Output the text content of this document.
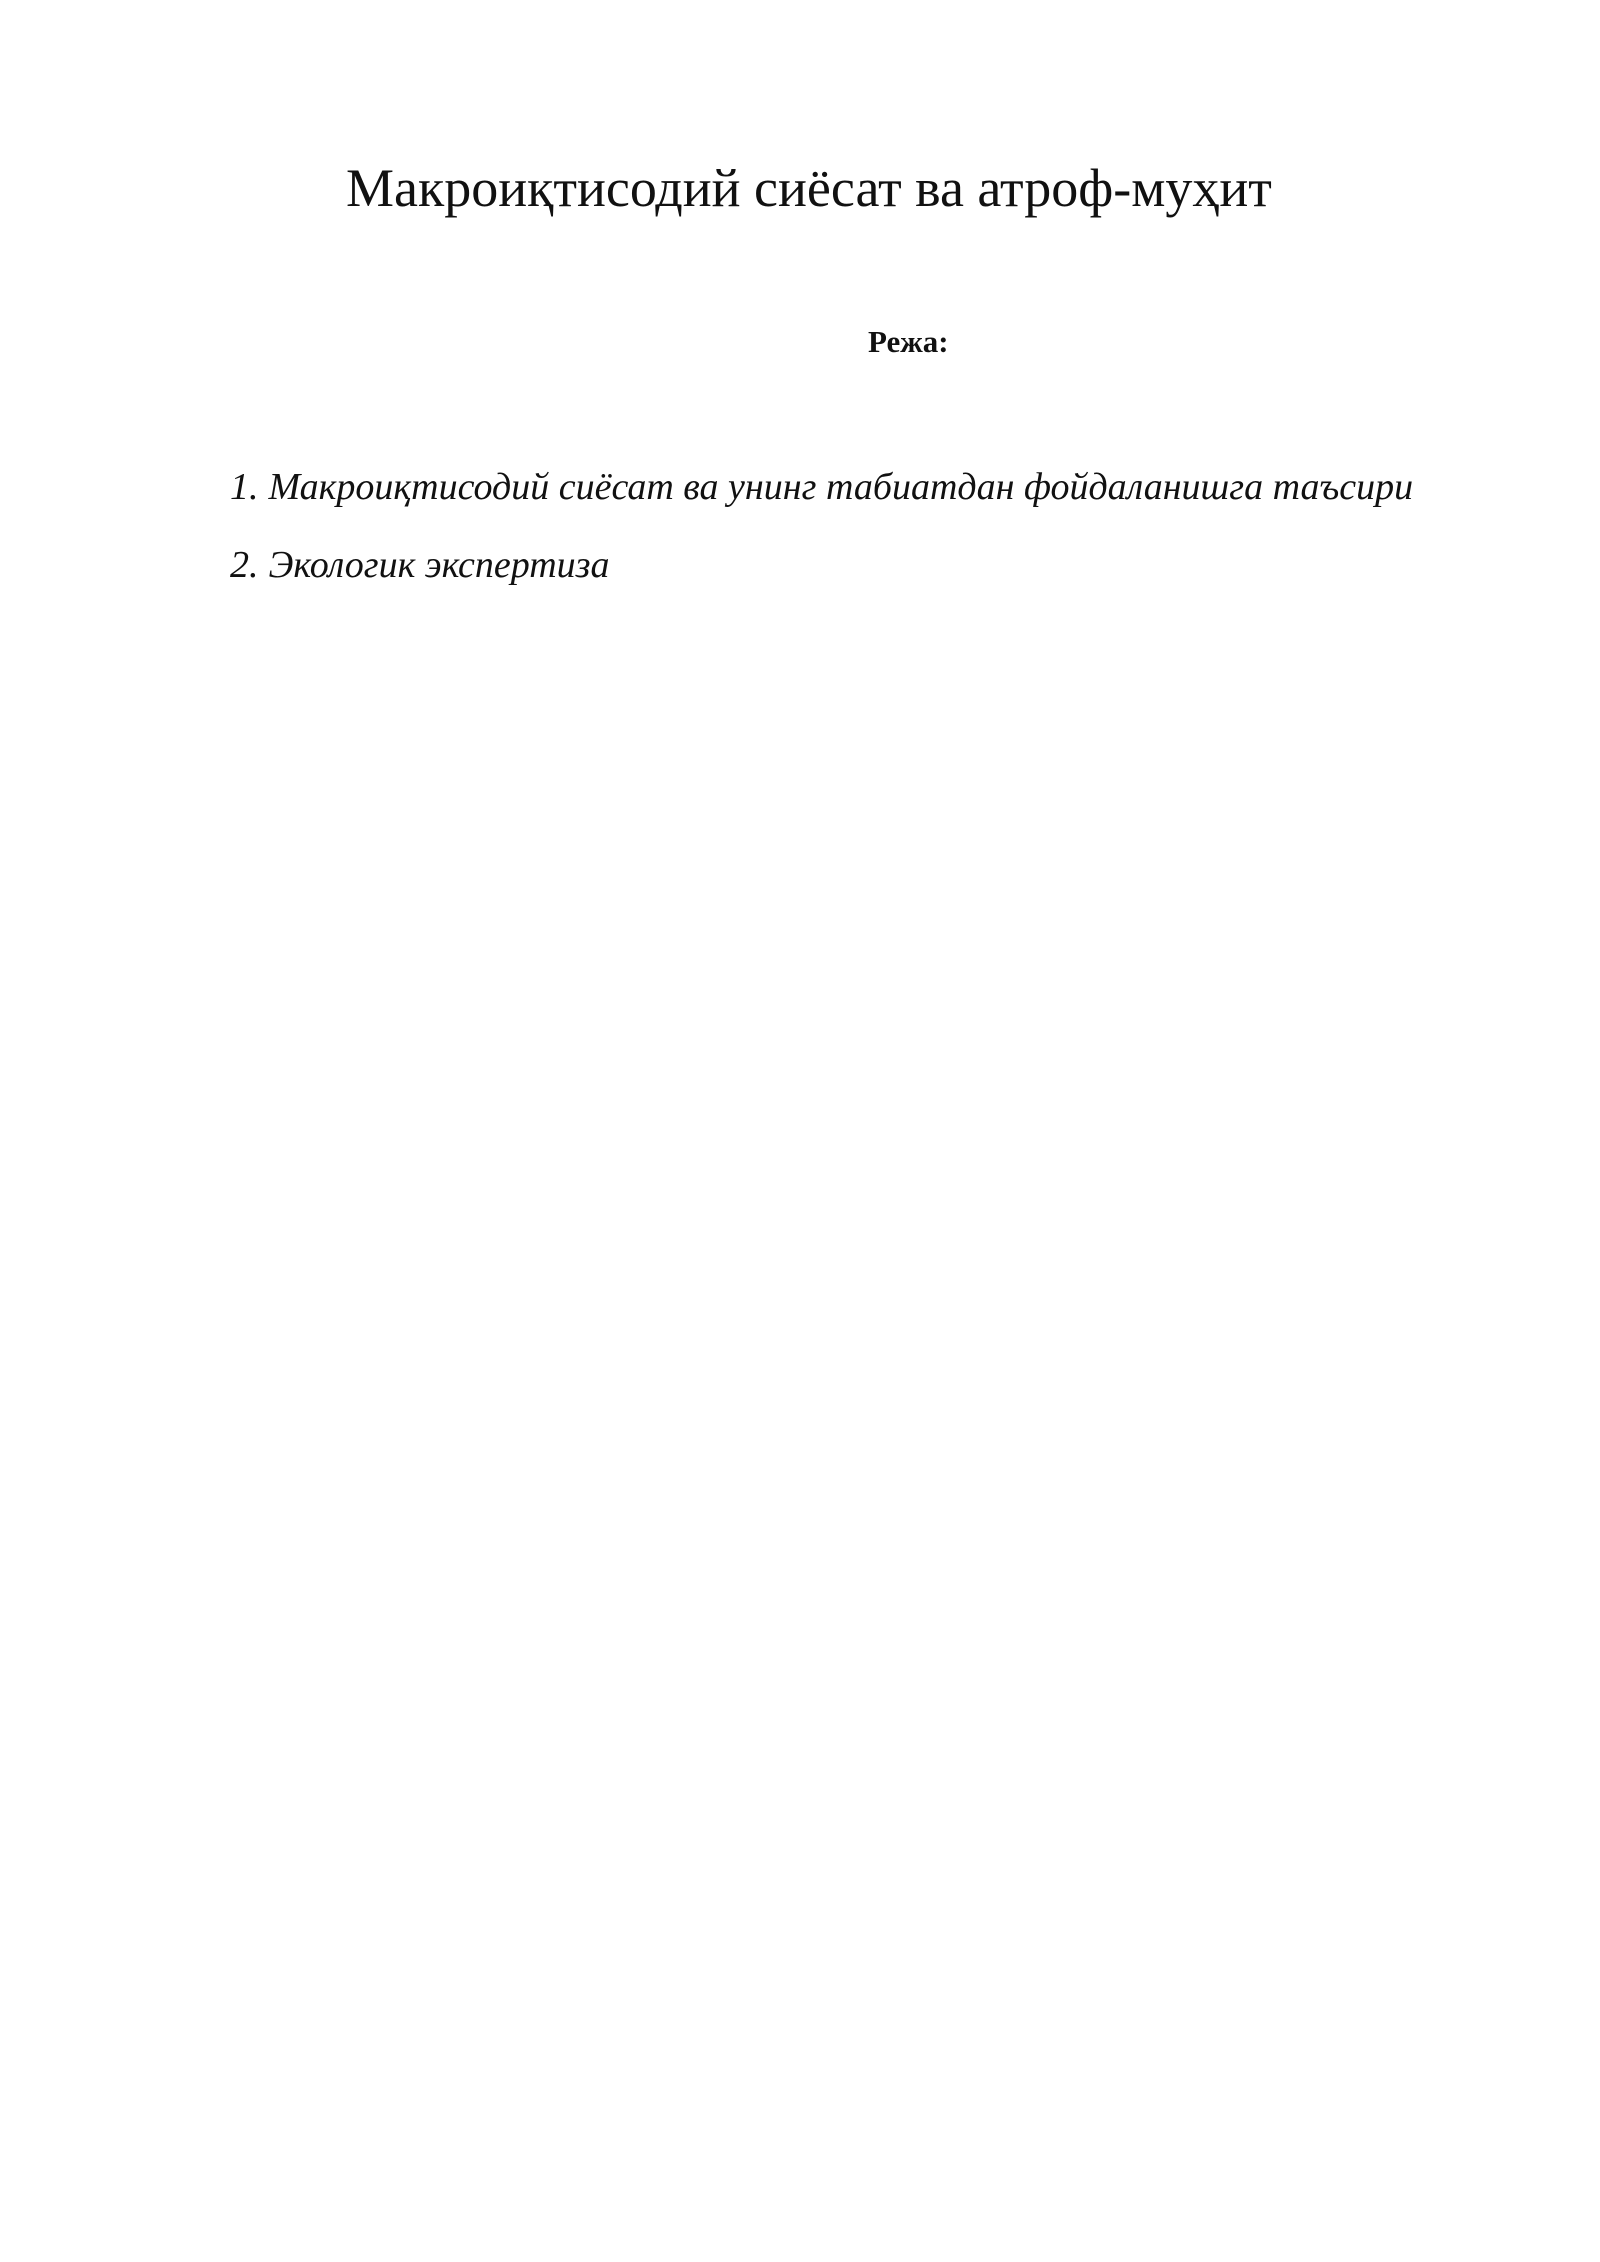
Макроиқтисодий сиёсат ва атроф-муҳит
Режа:
1. Макроиқтисодий сиёсат ва унинг табиатдан фойдаланишга таъсири
2. Экологик экспертиза
